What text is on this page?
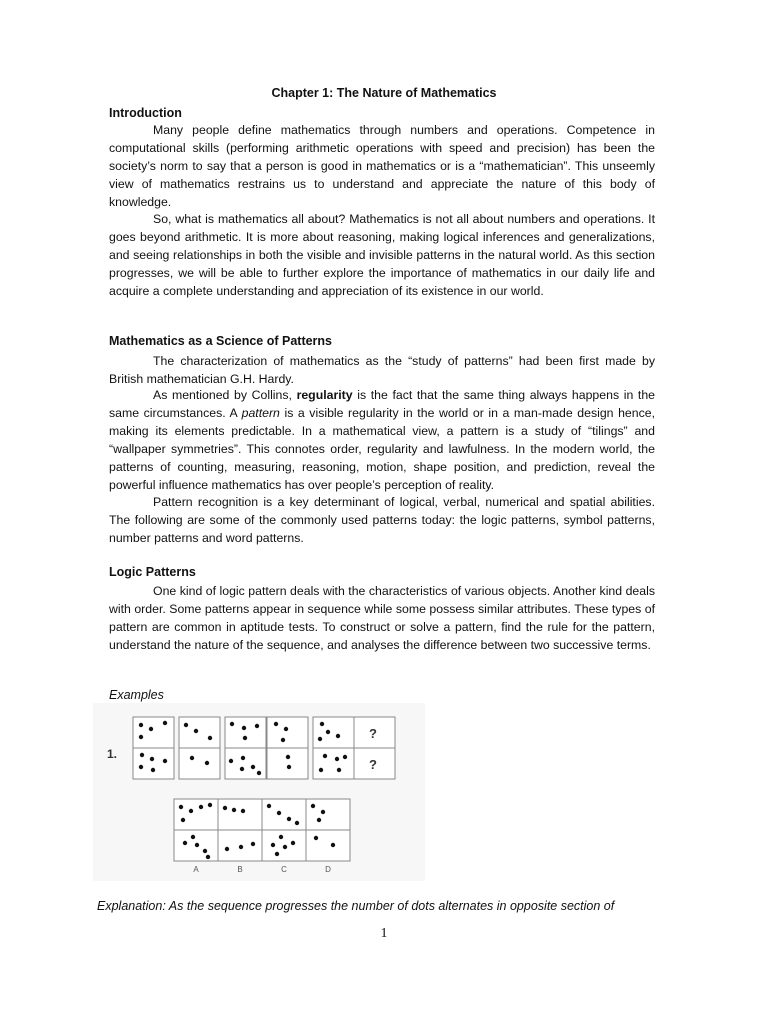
Chapter 1: The Nature of Mathematics
Introduction

Many people define mathematics through numbers and operations. Competence in computational skills (performing arithmetic operations with speed and precision) has been the society’s norm to say that a person is good in mathematics or is a “mathematician”. This unseemly view of mathematics restrains us to understand and appreciate the nature of this body of knowledge.

So, what is mathematics all about? Mathematics is not all about numbers and operations. It goes beyond arithmetic. It is more about reasoning, making logical inferences and generalizations, and seeing relationships in both the visible and invisible patterns in the natural world. As this section progresses, we will be able to further explore the importance of mathematics in our daily life and acquire a complete understanding and appreciation of its existence in our world.

Mathematics as a Science of Patterns

The characterization of mathematics as the “study of patterns” had been first made by British mathematician G.H. Hardy.

As mentioned by Collins, regularity is the fact that the same thing always happens in the same circumstances. A pattern is a visible regularity in the world or in a man-made design hence, making its elements predictable. In a mathematical view, a pattern is a study of “tilings” and “wallpaper symmetries”. This connotes order, regularity and lawfulness. In the modern world, the patterns of counting, measuring, reasoning, motion, shape position, and prediction, reveal the powerful influence mathematics has over people’s perception of reality.

Pattern recognition is a key determinant of logical, verbal, numerical and spatial abilities. The following are some of the commonly used patterns today: the logic patterns, symbol patterns, number patterns and word patterns.

Logic Patterns

One kind of logic pattern deals with the characteristics of various objects. Another kind deals with order. Some patterns appear in sequence while some possess similar attributes. These types of pattern are common in aptitude tests. To construct or solve a pattern, find the rule for the pattern, understand the nature of the sequence, and analyses the difference between two successive terms.

Examples
1.
?
?
A	B	C	D
Explanation: As the sequence progresses the number of dots alternates in opposite section of
1
